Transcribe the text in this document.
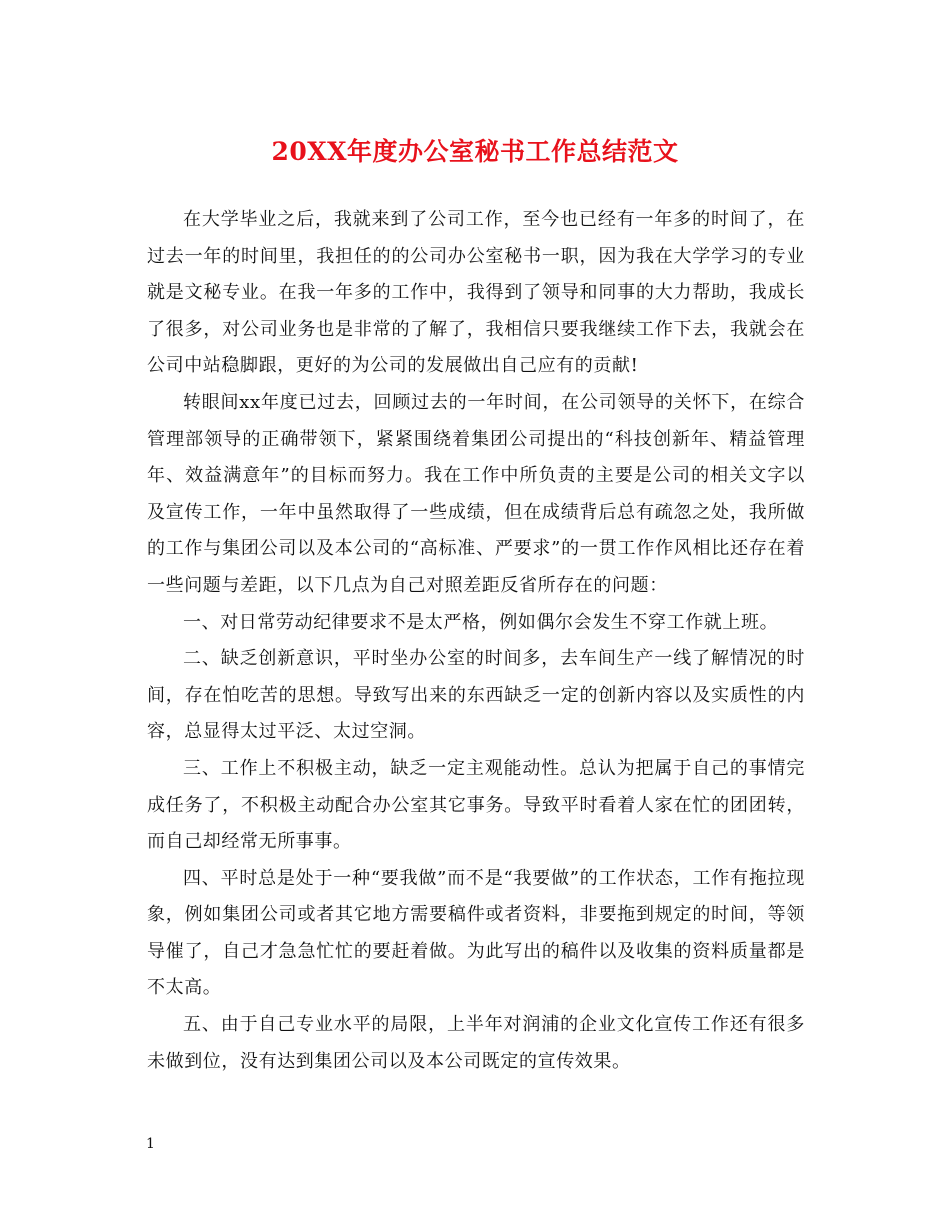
20XX年度办公室秘书工作总结范文

在大学毕业之后，我就来到了公司工作，至今也已经有一年多的时间了，在过去一年的时间里，我担任的的公司办公室秘书一职，因为我在大学学习的专业就是文秘专业。在我一年多的工作中，我得到了领导和同事的大力帮助，我成长了很多，对公司业务也是非常的了解了，我相信只要我继续工作下去，我就会在公司中站稳脚跟，更好的为公司的发展做出自己应有的贡献!

转眼间xx年度已过去，回顾过去的一年时间，在公司领导的关怀下，在综合管理部领导的正确带领下，紧紧围绕着集团公司提出的“科技创新年、精益管理年、效益满意年”的目标而努力。我在工作中所负责的主要是公司的相关文字以及宣传工作，一年中虽然取得了一些成绩，但在成绩背后总有疏忽之处，我所做的工作与集团公司以及本公司的“高标准、严要求”的一贯工作作风相比还存在着一些问题与差距，以下几点为自己对照差距反省所存在的问题：

一、对日常劳动纪律要求不是太严格，例如偶尔会发生不穿工作就上班。

二、缺乏创新意识，平时坐办公室的时间多，去车间生产一线了解情况的时间，存在怕吃苦的思想。导致写出来的东西缺乏一定的创新内容以及实质性的内容，总显得太过平泛、太过空洞。

三、工作上不积极主动，缺乏一定主观能动性。总认为把属于自己的事情完成任务了，不积极主动配合办公室其它事务。导致平时看着人家在忙的团团转，而自己却经常无所事事。

四、平时总是处于一种“要我做”而不是“我要做”的工作状态，工作有拖拉现象，例如集团公司或者其它地方需要稿件或者资料，非要拖到规定的时间，等领导催了，自己才急急忙忙的要赶着做。为此写出的稿件以及收集的资料质量都是不太高。

五、由于自己专业水平的局限，上半年对润浦的企业文化宣传工作还有很多未做到位，没有达到集团公司以及本公司既定的宣传效果。

1
